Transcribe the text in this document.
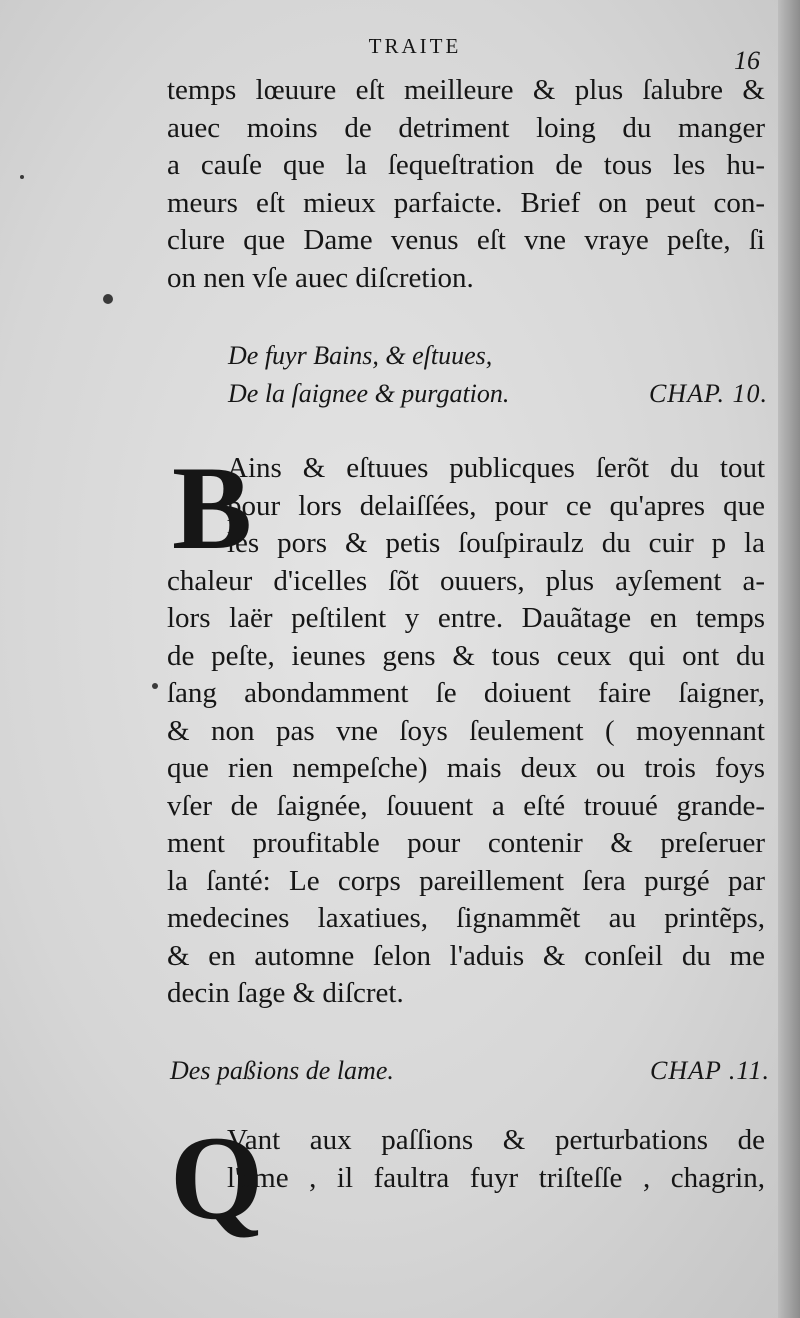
TRAITE	16
temps lœuure eſt meilleure & plus ſalubre &
auec moins de detriment loing du manger
a cauſe que la ſequeſtration de tous les hu-
meurs eſt mieux parfaicte. Brief on peut con-
clure que Dame venus eſt vne vraye peſte, ſi
on nen vſe auec diſcretion.
De fuyr Bains, & eſtuues,
De la ſaignee & purgation.	CHAP. 10.
B
Ains & eſtuues publicques ſerõt du tout
pour lors delaiſſées, pour ce qu'apres que
les pors & petis ſouſpiraulz du cuir p la
chaleur d'icelles ſõt ouuers, plus ayſement a-
lors laër peſtilent y entre. Dauãtage en temps
de peſte, ieunes gens & tous ceux qui ont du
ſang abondamment ſe doiuent faire ſaigner,
& non pas vne ſoys ſeulement ( moyennant
que rien nempeſche) mais deux ou trois foys
vſer de ſaignée, ſouuent a eſté trouué grande-
ment proufitable pour contenir & preſeruer
la ſanté: Le corps pareillement ſera purgé par
medecines laxatiues, ſignammẽt au printẽps,
& en automne ſelon l'aduis & conſeil du me
decin ſage & diſcret.
Des paßions de lame.	CHAP .11.
Q
Vant aux paſſions & perturbations de
l'ame , il faultra fuyr triſteſſe , chagrin,
